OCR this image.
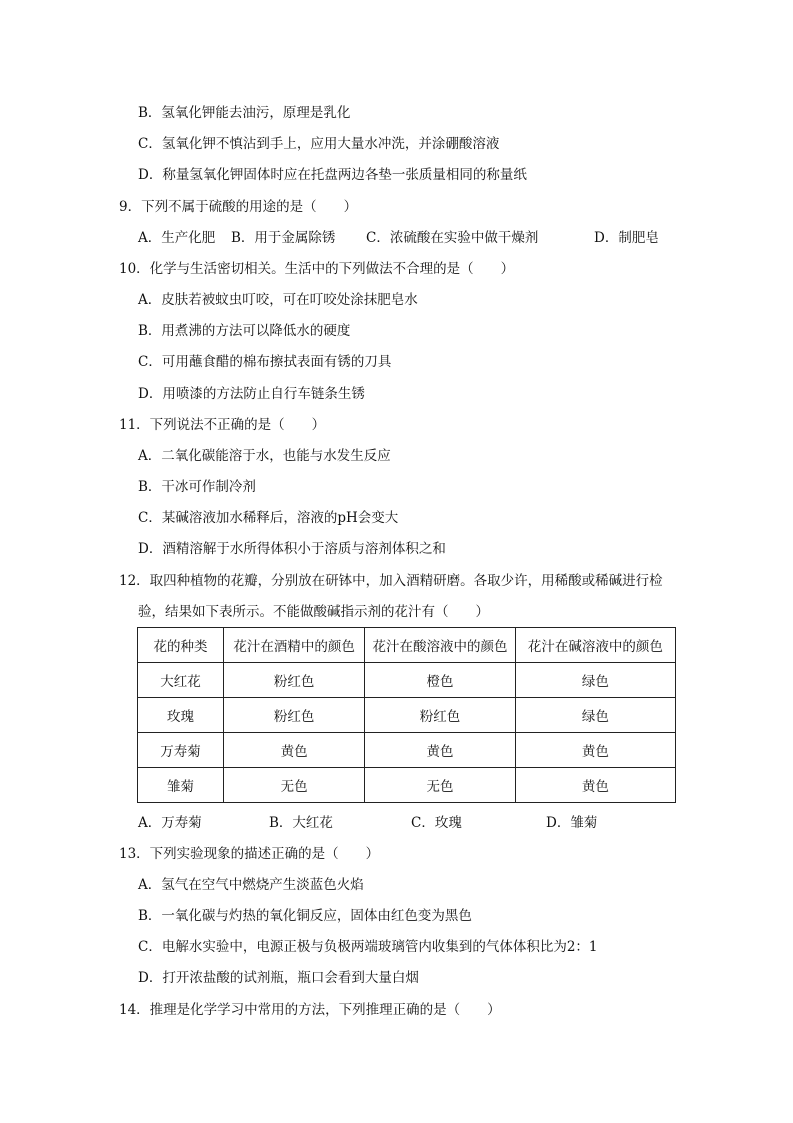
B．氢氧化钾能去油污，原理是乳化
C．氢氧化钾不慎沾到手上，应用大量水冲洗，并涂硼酸溶液
D．称量氢氧化钾固体时应在托盘两边各垫一张质量相同的称量纸
9．下列不属于硫酸的用途的是（　　）
A．生产化肥 B．用于金属除锈 C．浓硫酸在实验中做干燥剂	D．制肥皂
10．化学与生活密切相关。生活中的下列做法不合理的是（　　）
A．皮肤若被蚊虫叮咬，可在叮咬处涂抹肥皂水
B．用煮沸的方法可以降低水的硬度
C．可用蘸食醋的棉布擦拭表面有锈的刀具
D．用喷漆的方法防止自行车链条生锈
11．下列说法不正确的是（　　）
A．二氧化碳能溶于水，也能与水发生反应
B．干冰可作制冷剂
C．某碱溶液加水稀释后，溶液的pH会变大
D．酒精溶解于水所得体积小于溶质与溶剂体积之和
12．取四种植物的花瓣，分别放在研钵中，加入酒精研磨。各取少许，用稀酸或稀碱进行检
验，结果如下表所示。不能做酸碱指示剂的花汁有（　　）
花的种类	花汁在酒精中的颜色	花汁在酸溶液中的颜色	花汁在碱溶液中的颜色
大红花	粉红色	橙色	绿色
玫瑰	粉红色	粉红色	绿色
万寿菊	黄色	黄色	黄色
雏菊	无色	无色	黄色
A．万寿菊	B．大红花	C．玫瑰	D．雏菊
13．下列实验现象的描述正确的是（　　）
A．氢气在空气中燃烧产生淡蓝色火焰
B．一氧化碳与灼热的氧化铜反应，固体由红色变为黑色
C．电解水实验中，电源正极与负极两端玻璃管内收集到的气体体积比为2：1
D．打开浓盐酸的试剂瓶，瓶口会看到大量白烟
14．推理是化学学习中常用的方法，下列推理正确的是（　　）
